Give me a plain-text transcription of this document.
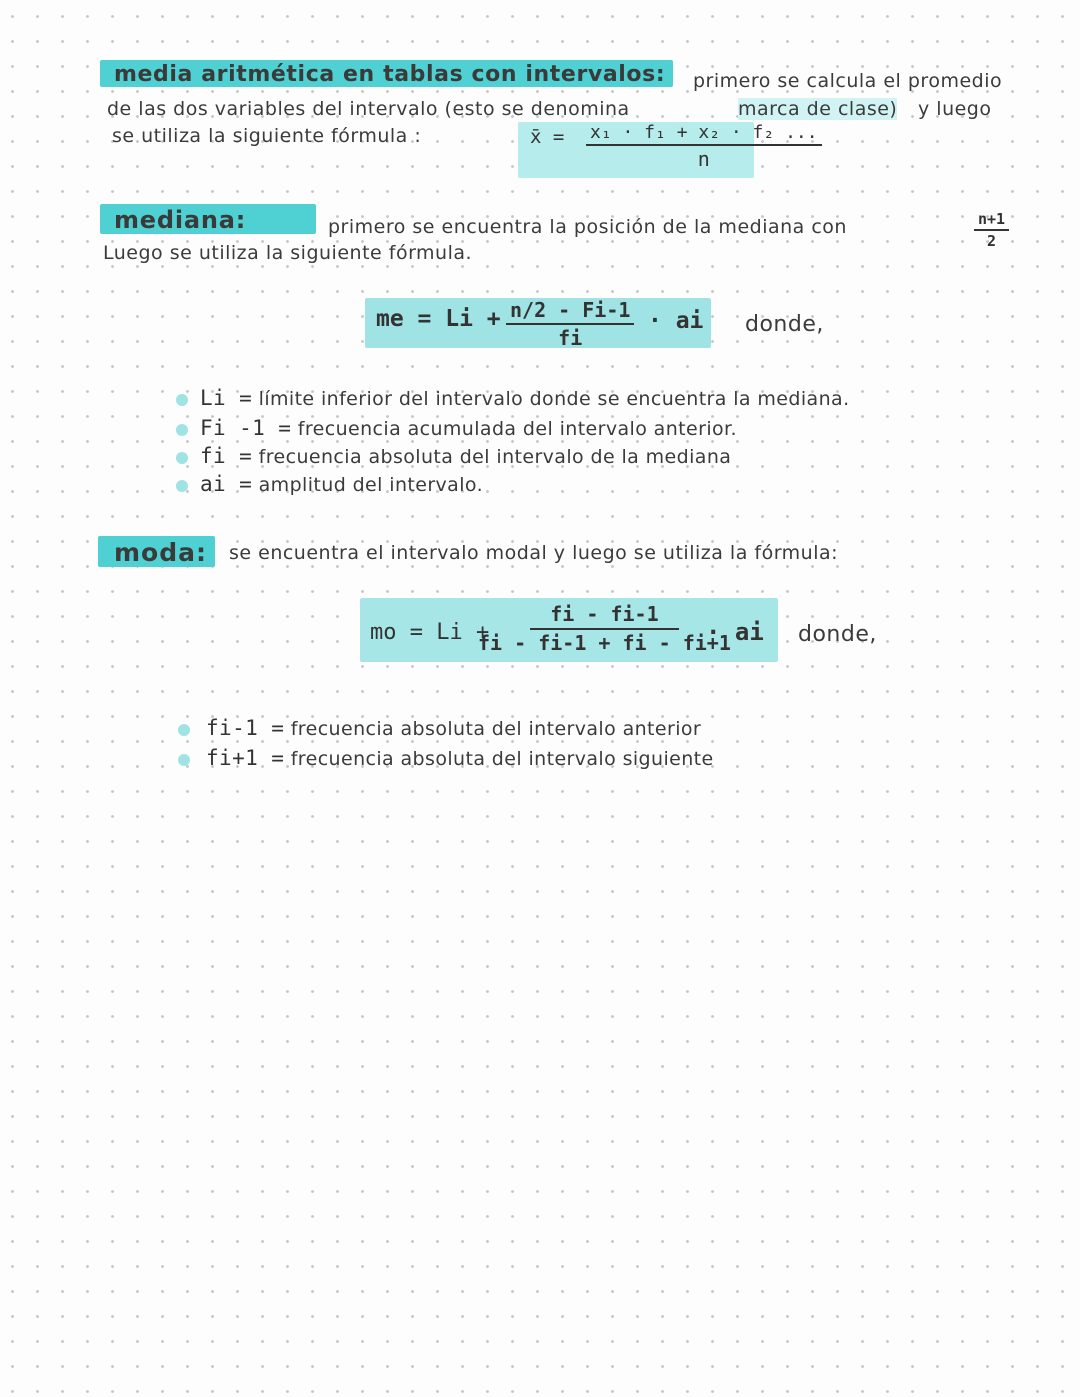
media aritmética en tablas con intervalos:	primero se calcula el promedio
de las dos variables del intervalo (esto se denomina	marca de clase) y luego
se utiliza la siguiente fórmula :	x̄ = $\frac{\text{x₁ · f₁ + x₂ · f₂ ...}}{n}$
mediana:	primero se encuentra la posición de la mediana con	$\frac{n+1}{2}$
Luego se utiliza la siguiente fórmula.
me = $Li + \frac{n/2 - Fi-1}{fi}$ · ai donde,
Li = límite inferior del intervalo donde se encuentra la mediana.
Fi -1 = frecuencia acumulada del intervalo anterior.
fi = frecuencia absoluta del intervalo de la mediana
ai = amplitud del intervalo.
moda:	se encuentra el intervalo modal y luego se utiliza la fórmula:
mo = Li +
$\frac{fi - fi-1}{fi - fi-1 + fi - fi+1}$
· ai donde,
fi-1 = frecuencia absoluta del intervalo anterior
fi+1 = frecuencia absoluta del intervalo siguiente
